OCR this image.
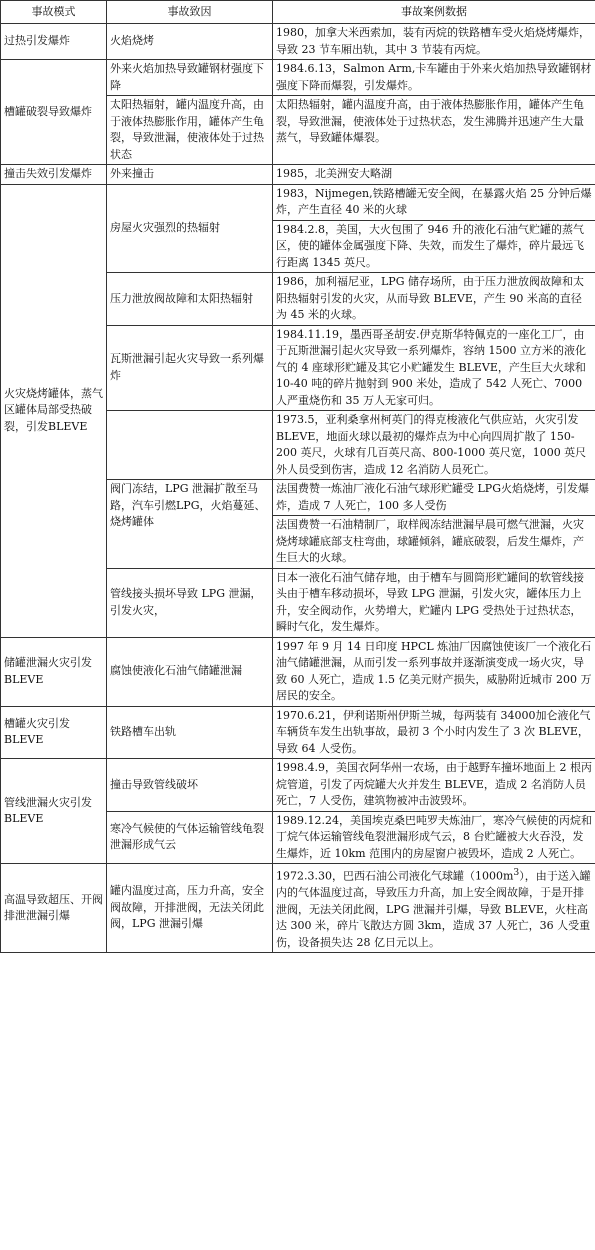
事故模式	事故致因	事故案例数据
过热引发爆炸	火焰烧烤	1980，加拿大米西索加，装有丙烷的铁路槽车受火焰烧烤爆炸，导致 23 节车厢出轨，其中 3 节装有丙烷。
槽罐破裂导致爆炸	外来火焰加热导致罐钢材强度下降	1984.6.13，Salmon Arm,卡车罐由于外来火焰加热导致罐钢材强度下降而爆裂，引发爆炸。
	太阳热辐射，罐内温度升高，由于液体热膨胀作用，罐体产生龟裂，导致泄漏，使液体处于过热状态	太阳热辐射，罐内温度升高，由于液体热膨胀作用，罐体产生龟裂，导致泄漏，使液体处于过热状态，发生沸腾并迅速产生大量蒸气，导致罐体爆裂。
撞击失效引发爆炸	外来撞击	1985，北美洲安大略湖
火灾烧烤罐体，蒸气区罐体局部受热破裂，引发BLEVE	房屋火灾强烈的热辐射	1983，Nijmegen,铁路槽罐无安全阀，在暴露火焰 25 分钟后爆炸，产生直径 40 米的火球
		1984.2.8，美国，大火包围了 946 升的液化石油气贮罐的蒸气区，使的罐体金属强度下降、失效，而发生了爆炸，碎片最远飞行距离 1345 英尺。
	压力泄放阀故障和太阳热辐射	1986，加利福尼亚，LPG 储存场所，由于压力泄放阀故障和太阳热辐射引发的火灾，从而导致 BLEVE，产生 90 米高的直径为 45 米的火球。
	瓦斯泄漏引起火灾导致一系列爆炸	1984.11.19，墨西哥圣胡安.伊克斯华特佩克的一座化工厂，由于瓦斯泄漏引起火灾导致一系列爆炸，容纳 1500 立方米的液化气的 4 座球形贮罐及其它小贮罐发生 BLEVE，产生巨大火球和 10-40 吨的碎片抛射到 900 米处，造成了 542 人死亡、7000 人严重烧伤和 35 万人无家可归。
		1973.5，亚利桑拿州柯英门的得克梭液化气供应站，火灾引发 BLEVE，地面火球以最初的爆炸点为中心向四周扩散了 150-200 英尺，火球有几百英尺高、800-1000 英尺宽，1000 英尺外人员受到伤害，造成 12 名消防人员死亡。
	阀门冻结，LPG 泄漏扩散至马路，汽车引燃LPG，火焰蔓延、烧烤罐体	法国费赞一炼油厂液化石油气球形贮罐受 LPG火焰烧烤，引发爆炸，造成 7 人死亡，100 多人受伤
		法国费赞一石油精制厂，取样阀冻结泄漏早晨可燃气泄漏，火灾烧烤球罐底部支柱弯曲，球罐倾斜，罐底破裂，后发生爆炸，产生巨大的火球。
	管线接头损坏导致 LPG 泄漏，引发火灾，	日本一液化石油气储存地，由于槽车与圆筒形贮罐间的软管线接头由于槽车移动损坏，导致 LPG 泄漏，引发火灾，罐体压力上升，安全阀动作，火势增大，贮罐内 LPG 受热处于过热状态，瞬时气化，发生爆炸。

储罐泄漏火灾引发 BLEVE	腐蚀使液化石油气储罐泄漏	1997 年 9 月 14 日印度 HPCL 炼油厂因腐蚀使该厂一个液化石油气储罐泄漏，从而引发一系列事故并逐渐演变成一场火灾，导致 60 人死亡，造成 1.5 亿美元财产损失，威胁附近城市 200 万居民的安全。
槽罐火灾引发BLEVE	铁路槽车出轨	1970.6.21，伊利诺斯州伊斯兰城，每两装有 34000加仑液化气车辆货车发生出轨事故，最初 3 个小时内发生了 3 次 BLEVE，导致 64 人受伤。
管线泄漏火灾引发 BLEVE	撞击导致管线破坏	1998.4.9，美国衣阿华州一农场，由于越野车撞坏地面上 2 根丙烷管道，引发了丙烷罐大火并发生 BLEVE，造成 2 名消防人员死亡，7 人受伤，建筑物被冲击波毁坏。
	寒冷气候使的气体运输管线龟裂泄漏形成气云	1989.12.24，美国埃克桑巴吨罗夫炼油厂，寒冷气候使的丙烷和丁烷气体运输管线龟裂泄漏形成气云，8 台贮罐被大火吞没，发生爆炸，近 10km 范围内的房屋窗户被毁坏，造成 2 人死亡。
高温导致超压、开阀排泄泄漏引爆	罐内温度过高，压力升高，安全阀故障，开排泄阀，无法关闭此阀，LPG 泄漏引爆	1972.3.30，巴西石油公司液化气球罐$(1000m^3)$，由于送入罐内的气体温度过高，导致压力升高，加上安全阀故障，于是开排泄阀，无法关闭此阀，LPG 泄漏并引爆，导致 BLEVE，火柱高达 300 米，碎片飞散达方圆 3km，造成 37 人死亡，36 人受重伤，设备损失达 28 亿日元以上。
